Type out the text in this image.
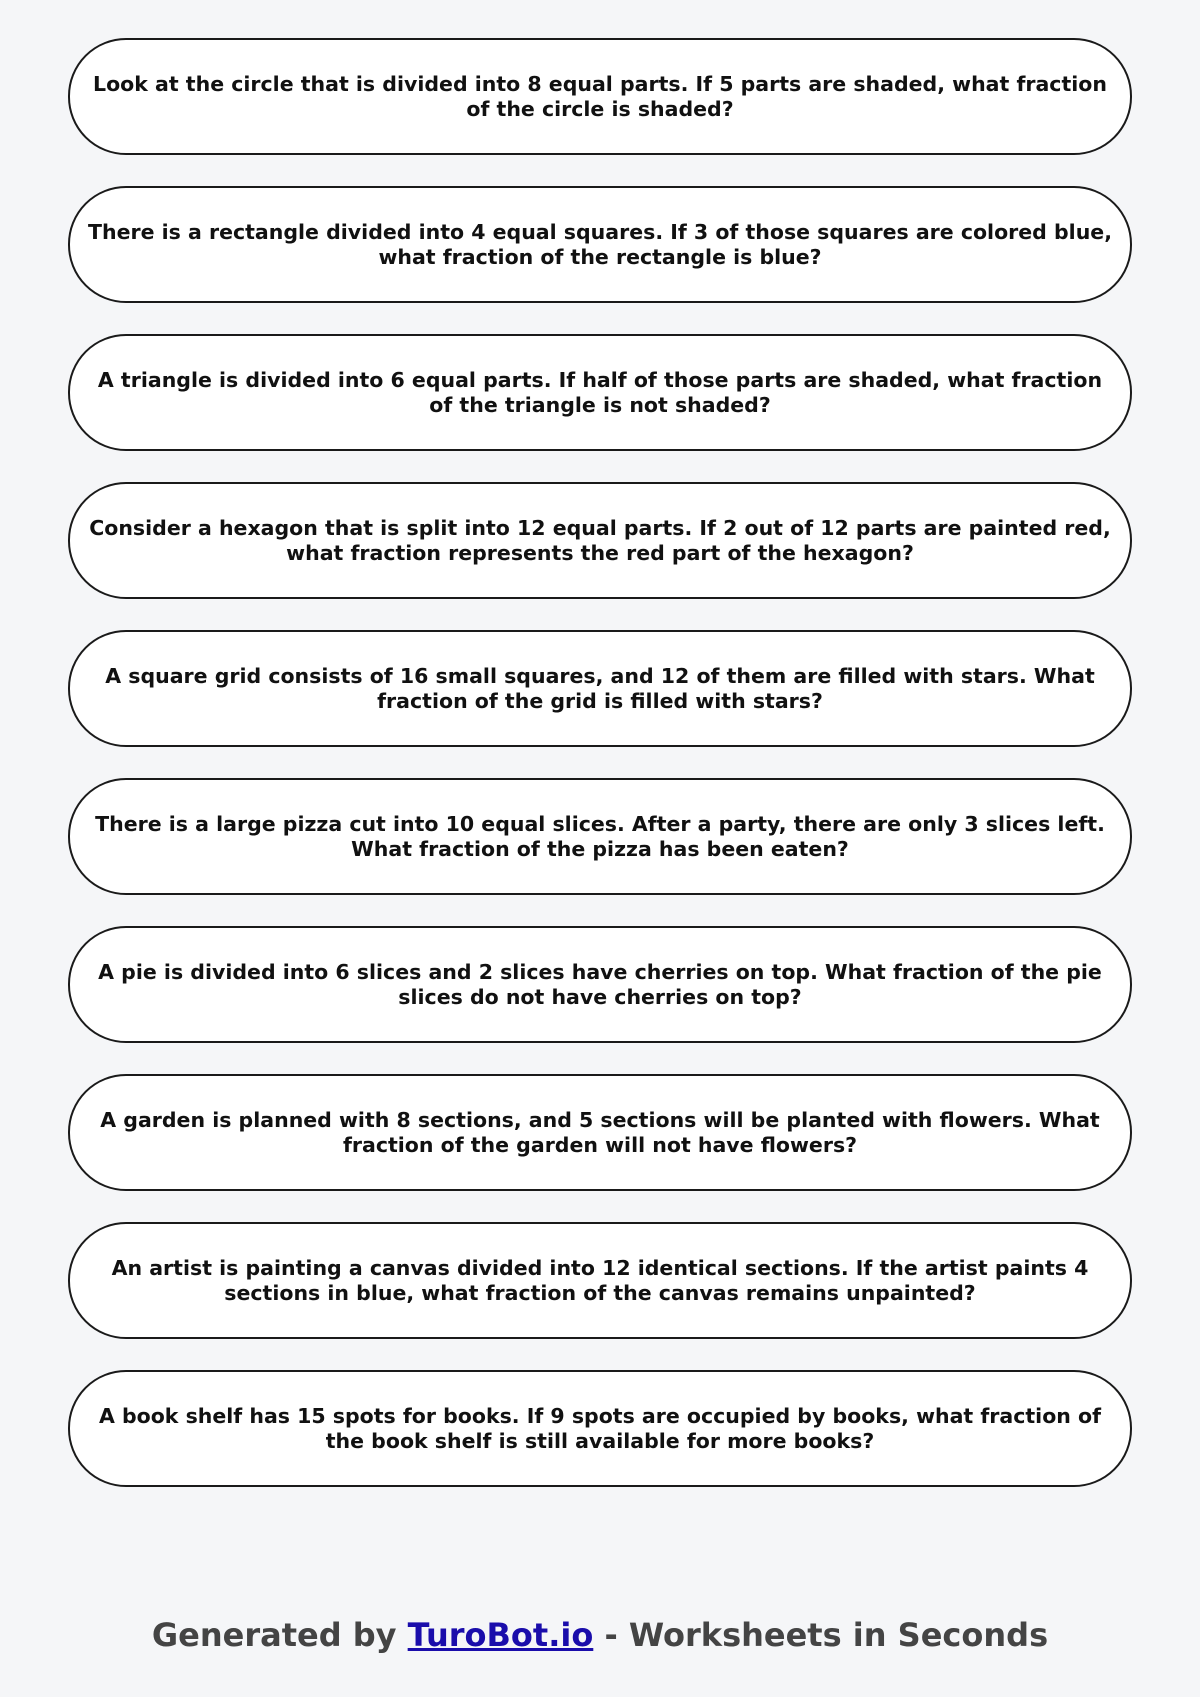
Look at the circle that is divided into 8 equal parts. If 5 parts are shaded, what fraction of the circle is shaded?
There is a rectangle divided into 4 equal squares. If 3 of those squares are colored blue, what fraction of the rectangle is blue?
A triangle is divided into 6 equal parts. If half of those parts are shaded, what fraction of the triangle is not shaded?
Consider a hexagon that is split into 12 equal parts. If 2 out of 12 parts are painted red, what fraction represents the red part of the hexagon?
A square grid consists of 16 small squares, and 12 of them are filled with stars. What fraction of the grid is filled with stars?
There is a large pizza cut into 10 equal slices. After a party, there are only 3 slices left. What fraction of the pizza has been eaten?
A pie is divided into 6 slices and 2 slices have cherries on top. What fraction of the pie slices do not have cherries on top?
A garden is planned with 8 sections, and 5 sections will be planted with flowers. What fraction of the garden will not have flowers?
An artist is painting a canvas divided into 12 identical sections. If the artist paints 4 sections in blue, what fraction of the canvas remains unpainted?
A book shelf has 15 spots for books. If 9 spots are occupied by books, what fraction of the book shelf is still available for more books?
Generated by TuroBot.io - Worksheets in Seconds
